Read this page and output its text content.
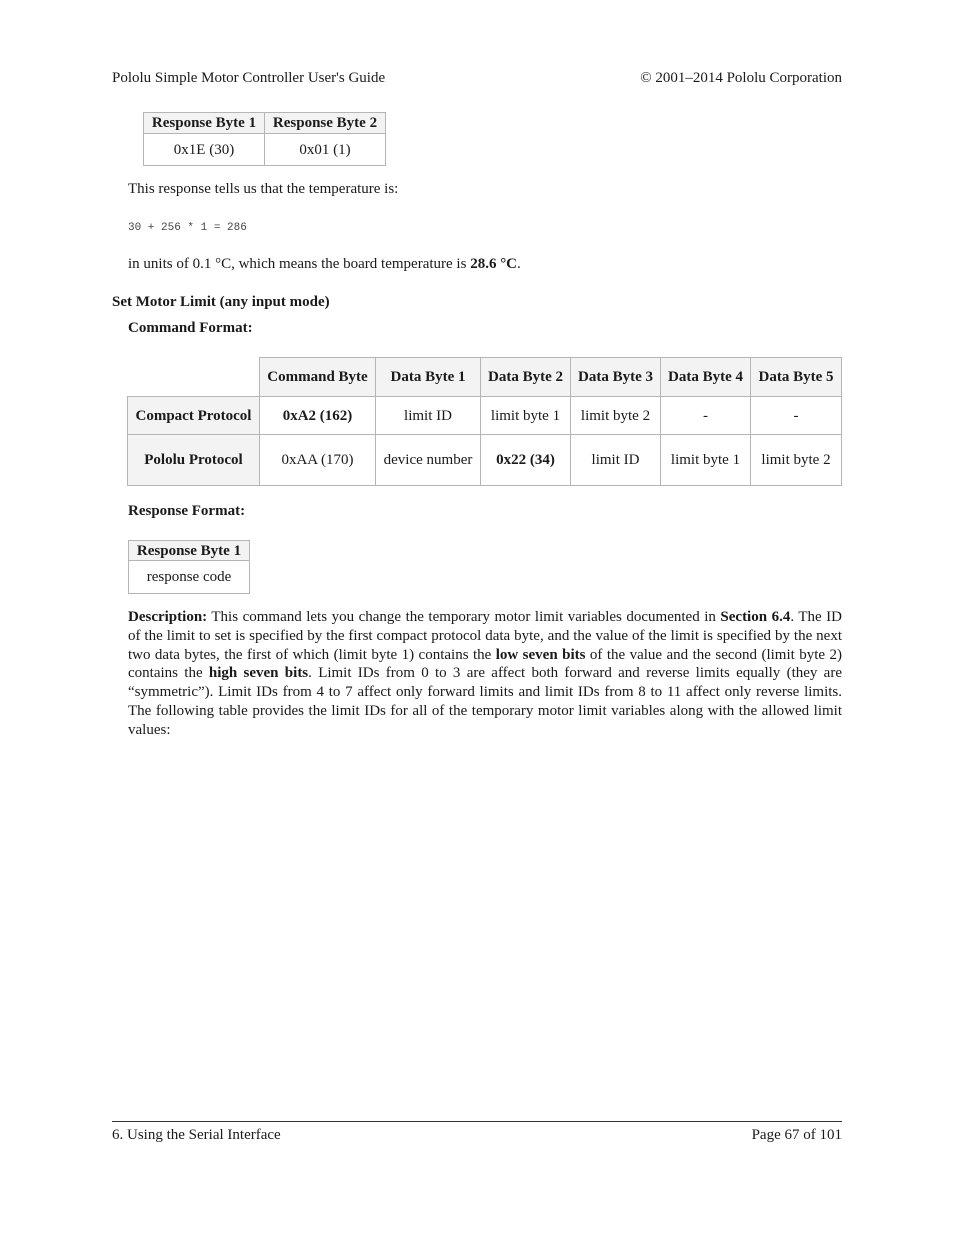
Pololu Simple Motor Controller User's Guide	© 2001–2014 Pololu Corporation
Response Byte 1	Response Byte 2
0x1E (30)	0x01 (1)
This response tells us that the temperature is:
30 + 256 * 1 = 286
in units of 0.1 °C, which means the board temperature is 28.6 °C.
Set Motor Limit (any input mode)
Command Format:
	Command Byte	Data Byte 1	Data Byte 2	Data Byte 3	Data Byte 4	Data Byte 5
Compact Protocol	0xA2 (162)	limit ID	limit byte 1	limit byte 2	-	-
Pololu Protocol	0xAA (170)	device number	0x22 (34)	limit ID	limit byte 1	limit byte 2
Response Format:
Response Byte 1
response code
Description: This command lets you change the temporary motor limit variables documented in Section 6.4. The ID of the limit to set is specified by the first compact protocol data byte, and the value of the limit is specified by the next two data bytes, the first of which (limit byte 1) contains the low seven bits of the value and the second (limit byte 2) contains the high seven bits. Limit IDs from 0 to 3 are affect both forward and reverse limits equally (they are “symmetric”). Limit IDs from 4 to 7 affect only forward limits and limit IDs from 8 to 11 affect only reverse limits. The following table provides the limit IDs for all of the temporary motor limit variables along with the allowed limit values:
6. Using the Serial Interface	Page 67 of 101
